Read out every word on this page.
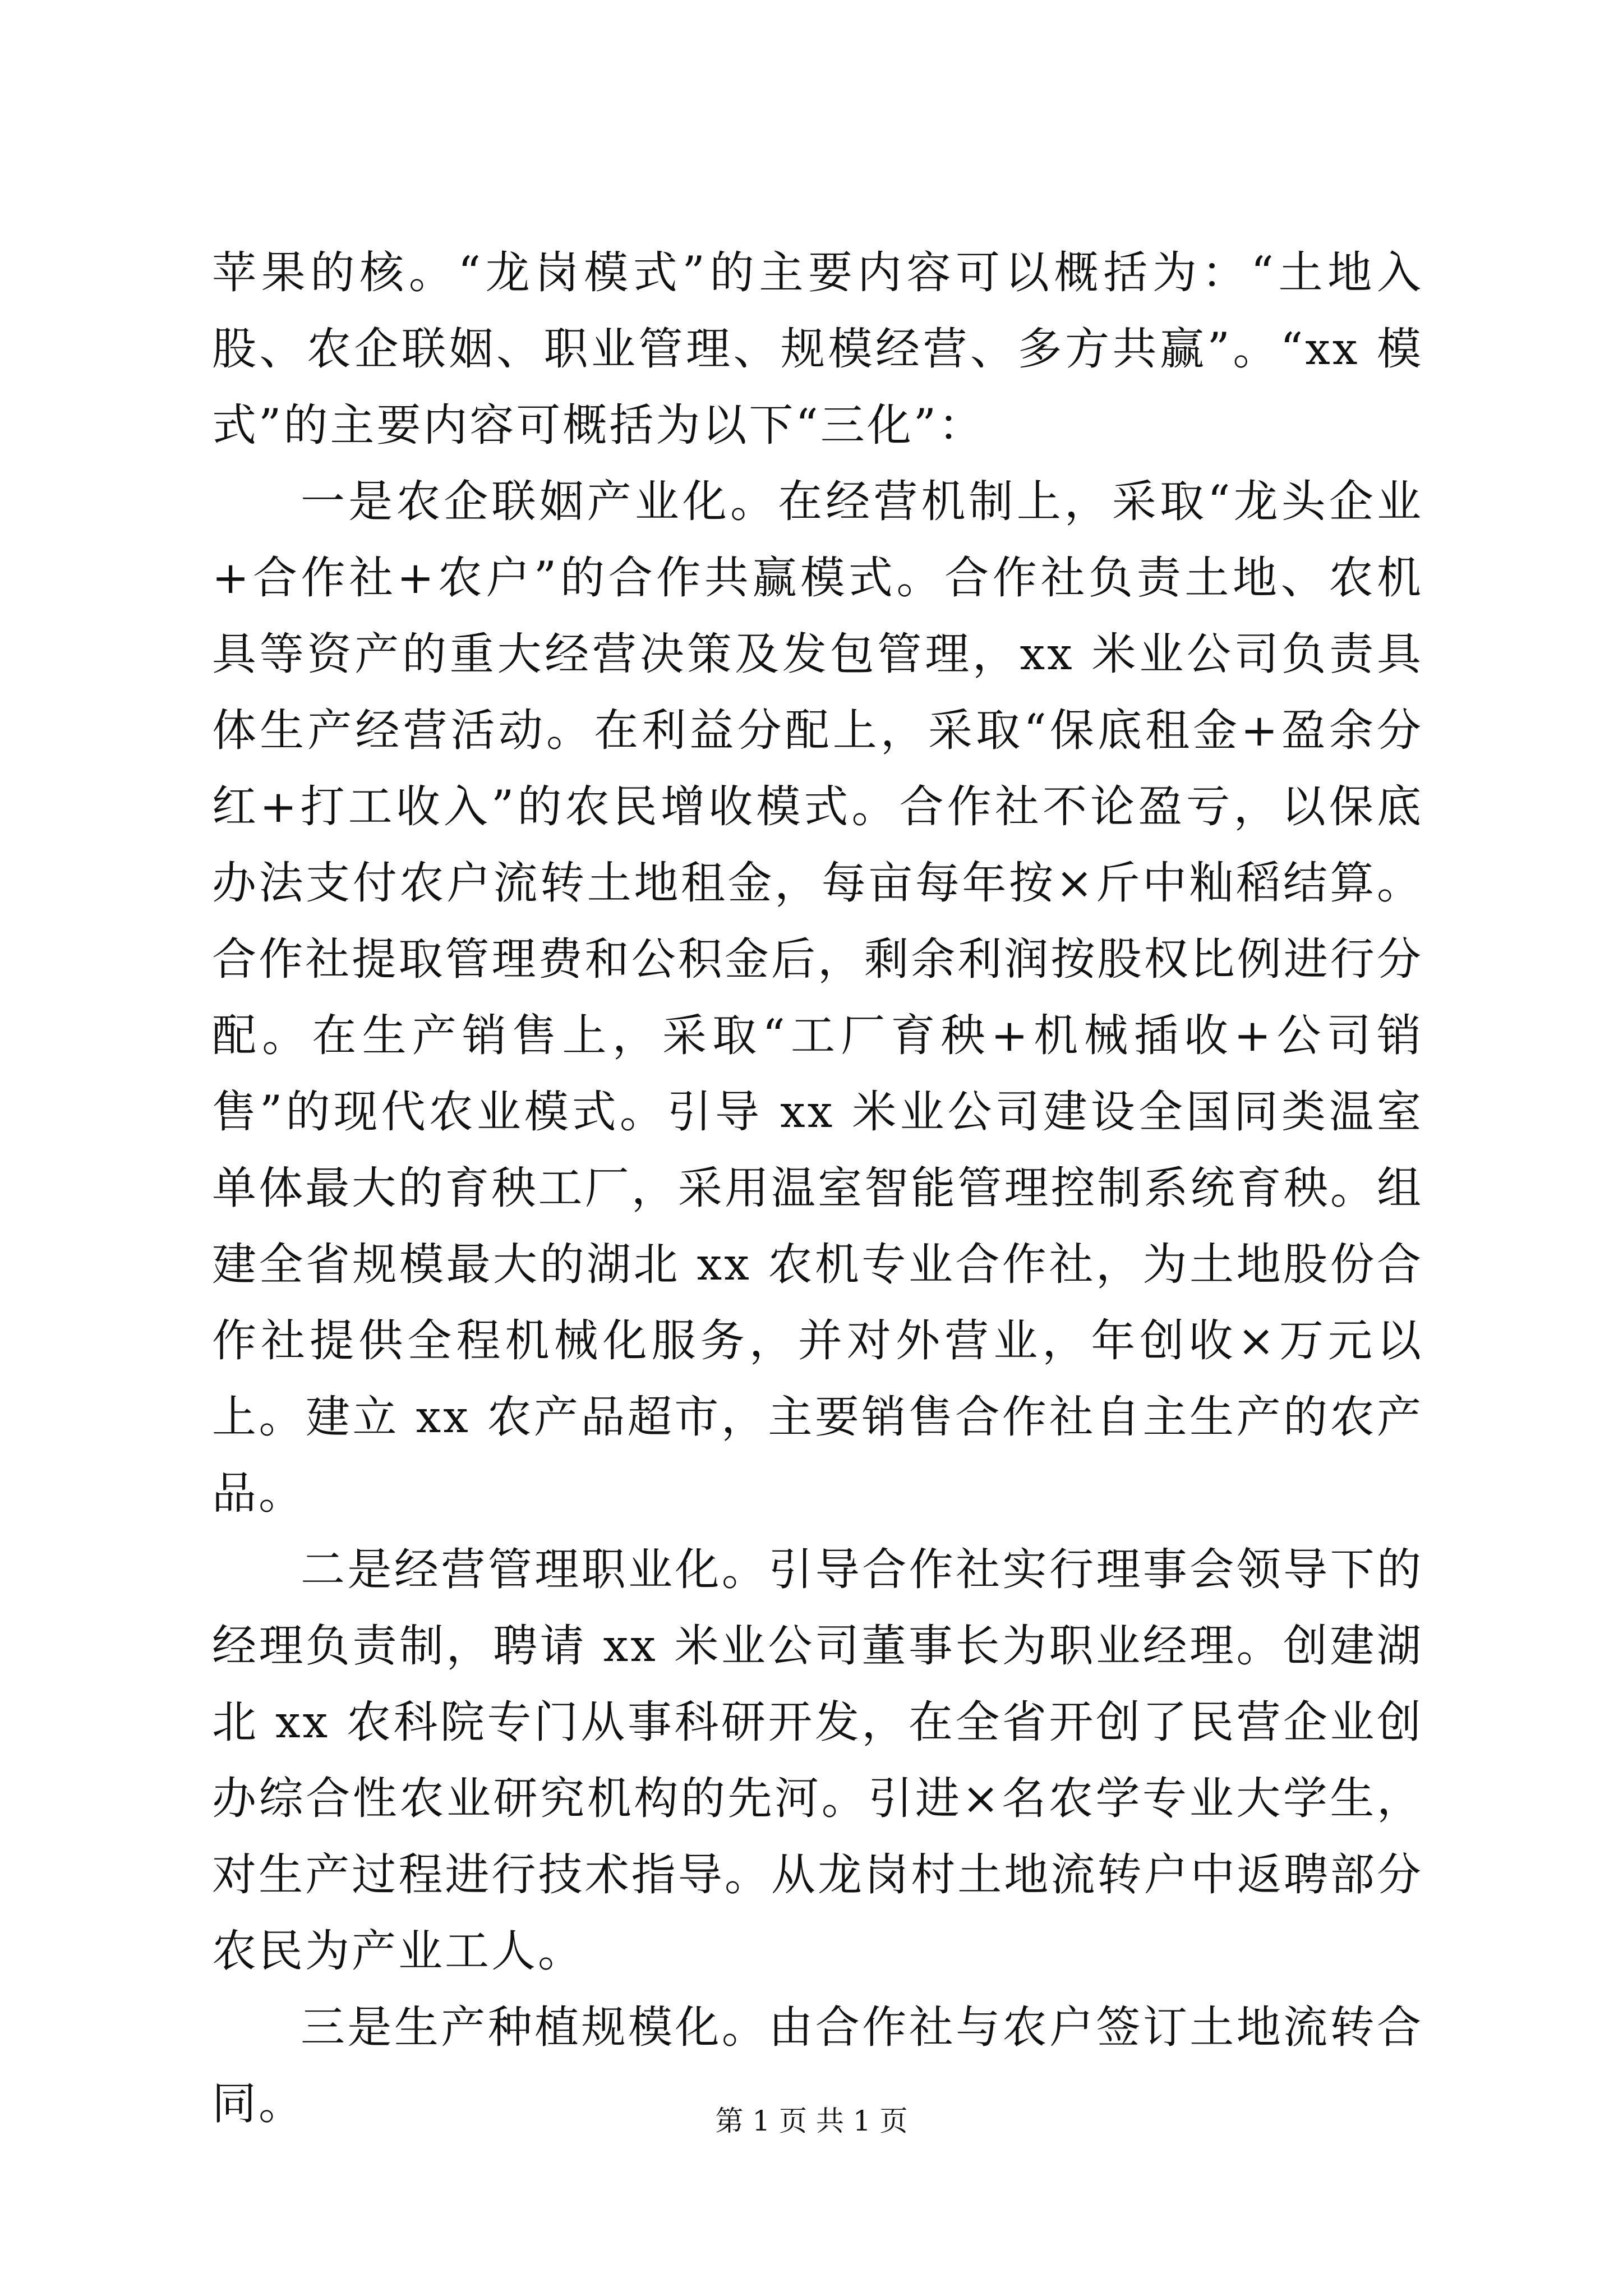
苹果的核。“龙岗模式”的主要内容可以概括为：“土地入股、农企联姻、职业管理、规模经营、多方共赢”。“xx 模式”的主要内容可概括为以下“三化”：

一是农企联姻产业化。在经营机制上，采取“龙头企业+合作社+农户”的合作共赢模式。合作社负责土地、农机具等资产的重大经营决策及发包管理，xx 米业公司负责具体生产经营活动。在利益分配上，采取“保底租金+盈余分红+打工收入”的农民增收模式。合作社不论盈亏，以保底办法支付农户流转土地租金，每亩每年按×斤中籼稻结算。合作社提取管理费和公积金后，剩余利润按股权比例进行分配。在生产销售上，采取“工厂育秧+机械插收+公司销售”的现代农业模式。引导 xx 米业公司建设全国同类温室单体最大的育秧工厂，采用温室智能管理控制系统育秧。组建全省规模最大的湖北 xx 农机专业合作社，为土地股份合作社提供全程机械化服务，并对外营业，年创收×万元以上。建立 xx 农产品超市，主要销售合作社自主生产的农产品。

二是经营管理职业化。引导合作社实行理事会领导下的经理负责制，聘请 xx 米业公司董事长为职业经理。创建湖北 xx 农科院专门从事科研开发，在全省开创了民营企业创办综合性农业研究机构的先河。引进×名农学专业大学生，对生产过程进行技术指导。从龙岗村土地流转户中返聘部分农民为产业工人。

三是生产种植规模化。由合作社与农户签订土地流转合同。	第 1 页 共 1 页
